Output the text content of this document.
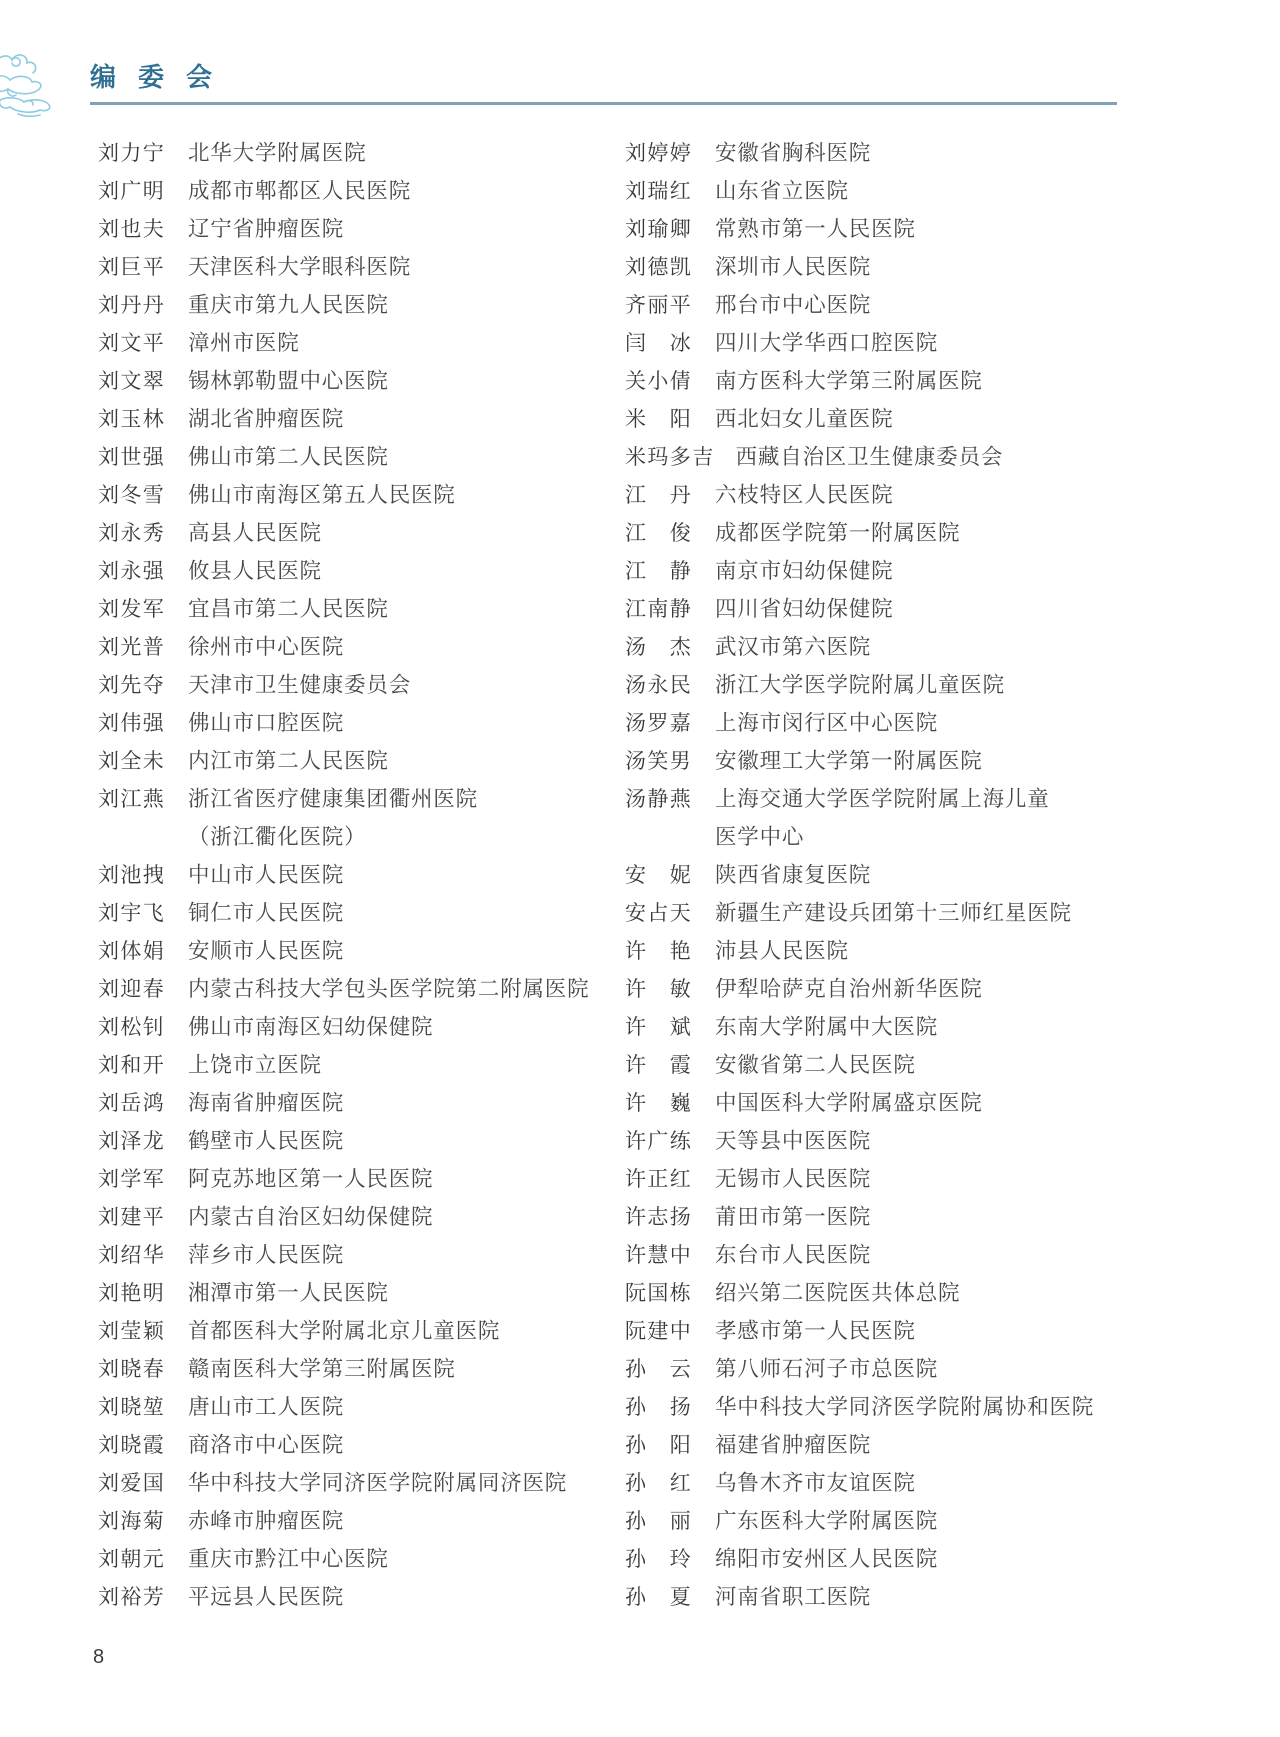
编委会
刘力宁 北华大学附属医院
刘广明 成都市郫都区人民医院
刘也夫 辽宁省肿瘤医院
刘巨平 天津医科大学眼科医院
刘丹丹 重庆市第九人民医院
刘文平 漳州市医院
刘文翠 锡林郭勒盟中心医院
刘玉林 湖北省肿瘤医院
刘世强 佛山市第二人民医院
刘冬雪 佛山市南海区第五人民医院
刘永秀 高县人民医院
刘永强 攸县人民医院
刘发军 宜昌市第二人民医院
刘光普 徐州市中心医院
刘先夺 天津市卫生健康委员会
刘伟强 佛山市口腔医院
刘全未 内江市第二人民医院
刘江燕 浙江省医疗健康集团衢州医院
（浙江衢化医院）
刘池拽 中山市人民医院
刘宇飞 铜仁市人民医院
刘体娟 安顺市人民医院
刘迎春 内蒙古科技大学包头医学院第二附属医院
刘松钊 佛山市南海区妇幼保健院
刘和开 上饶市立医院
刘岳鸿 海南省肿瘤医院
刘泽龙 鹤壁市人民医院
刘学军 阿克苏地区第一人民医院
刘建平 内蒙古自治区妇幼保健院
刘绍华 萍乡市人民医院
刘艳明 湘潭市第一人民医院
刘莹颖 首都医科大学附属北京儿童医院
刘晓春 赣南医科大学第三附属医院
刘晓堃 唐山市工人医院
刘晓霞 商洛市中心医院
刘爱国 华中科技大学同济医学院附属同济医院
刘海菊 赤峰市肿瘤医院
刘朝元 重庆市黔江中心医院
刘裕芳 平远县人民医院
刘婷婷 安徽省胸科医院
刘瑞红 山东省立医院
刘瑜卿 常熟市第一人民医院
刘德凯 深圳市人民医院
齐丽平 邢台市中心医院
闫　冰 四川大学华西口腔医院
关小倩 南方医科大学第三附属医院
米　阳 西北妇女儿童医院
米玛多吉 西藏自治区卫生健康委员会
江　丹 六枝特区人民医院
江　俊 成都医学院第一附属医院
江　静 南京市妇幼保健院
江南静 四川省妇幼保健院
汤　杰 武汉市第六医院
汤永民 浙江大学医学院附属儿童医院
汤罗嘉 上海市闵行区中心医院
汤笑男 安徽理工大学第一附属医院
汤静燕 上海交通大学医学院附属上海儿童
医学中心
安　妮 陕西省康复医院
安占天 新疆生产建设兵团第十三师红星医院
许　艳 沛县人民医院
许　敏 伊犁哈萨克自治州新华医院
许　斌 东南大学附属中大医院
许　霞 安徽省第二人民医院
许　巍 中国医科大学附属盛京医院
许广练 天等县中医医院
许正红 无锡市人民医院
许志扬 莆田市第一医院
许慧中 东台市人民医院
阮国栋 绍兴第二医院医共体总院
阮建中 孝感市第一人民医院
孙　云 第八师石河子市总医院
孙　扬 华中科技大学同济医学院附属协和医院
孙　阳 福建省肿瘤医院
孙　红 乌鲁木齐市友谊医院
孙　丽 广东医科大学附属医院
孙　玲 绵阳市安州区人民医院
孙　夏 河南省职工医院
8
